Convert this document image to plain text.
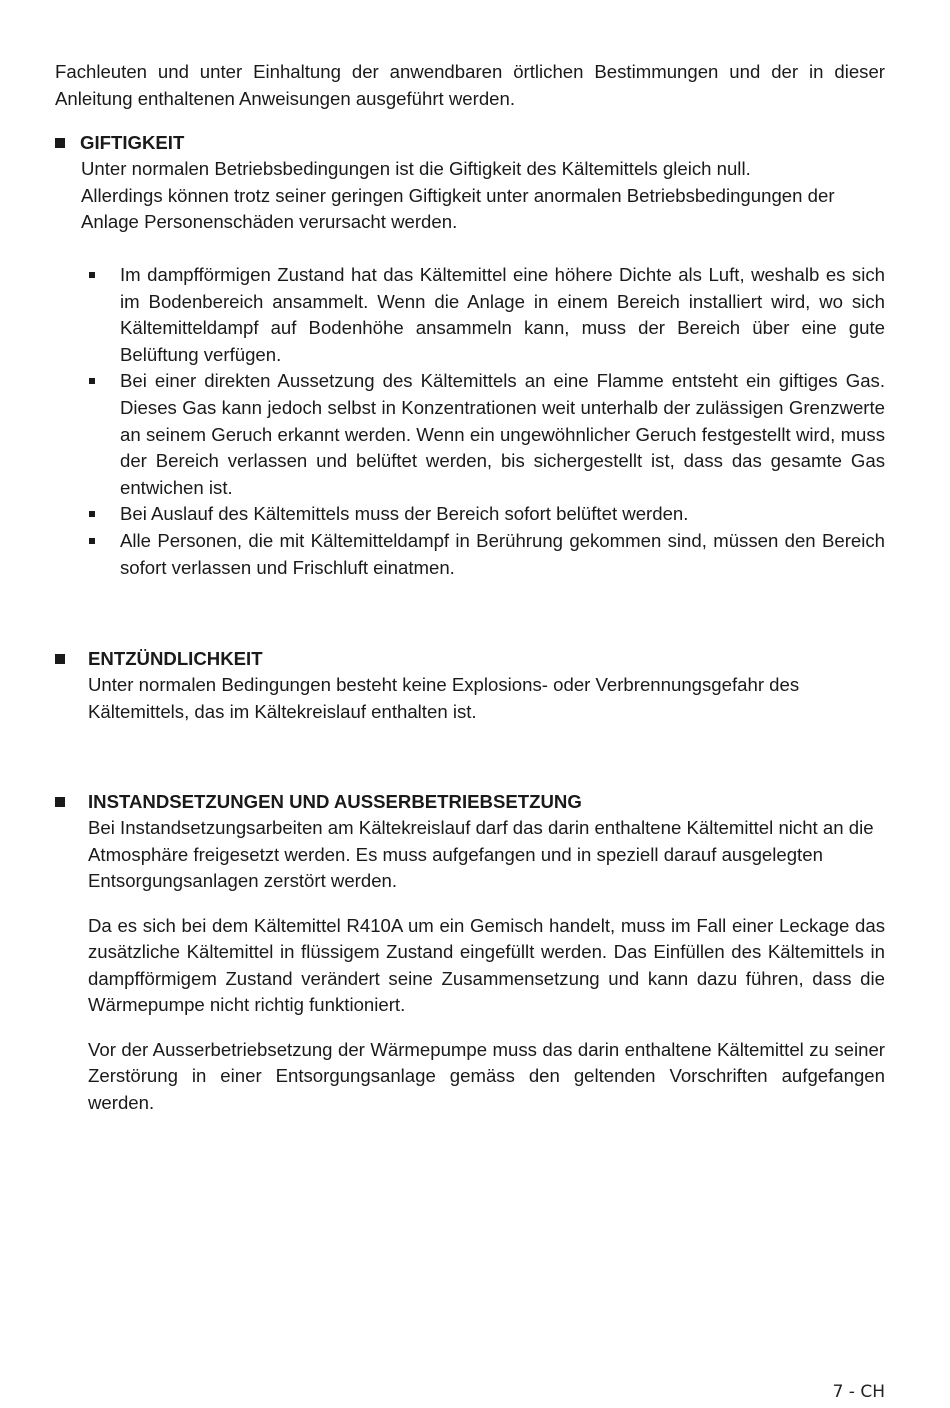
Fachleuten und unter Einhaltung der anwendbaren örtlichen Bestimmungen und der in dieser Anleitung enthaltenen Anweisungen ausgeführt werden.

GIFTIGKEIT

Unter normalen Betriebsbedingungen ist die Giftigkeit des Kältemittels gleich null.

Allerdings können trotz seiner geringen Giftigkeit unter anormalen Betriebsbedingungen der Anlage Personenschäden verursacht werden.

Im dampfförmigen Zustand hat das Kältemittel eine höhere Dichte als Luft, weshalb es sich im Bodenbereich ansammelt. Wenn die Anlage in einem Bereich installiert wird, wo sich Kältemitteldampf auf Bodenhöhe ansammeln kann, muss der Bereich über eine gute Belüftung verfügen.
Bei einer direkten Aussetzung des Kältemittels an eine Flamme entsteht ein giftiges Gas. Dieses Gas kann jedoch selbst in Konzentrationen weit unterhalb der zulässigen Grenzwerte an seinem Geruch erkannt werden. Wenn ein ungewöhnlicher Geruch festgestellt wird, muss der Bereich verlassen und belüftet werden, bis sichergestellt ist, dass das gesamte Gas entwichen ist.
Bei Auslauf des Kältemittels muss der Bereich sofort belüftet werden.
Alle Personen, die mit Kältemitteldampf in Berührung gekommen sind, müssen den Bereich sofort verlassen und Frischluft einatmen.
ENTZÜNDLICHKEIT

Unter normalen Bedingungen besteht keine Explosions- oder Verbrennungsgefahr des Kältemittels, das im Kältekreislauf enthalten ist.

INSTANDSETZUNGEN UND AUSSERBETRIEBSETZUNG

Bei Instandsetzungsarbeiten am Kältekreislauf darf das darin enthaltene Kältemittel nicht an die Atmosphäre freigesetzt werden. Es muss aufgefangen und in speziell darauf ausgelegten Entsorgungsanlagen zerstört werden.

Da es sich bei dem Kältemittel R410A um ein Gemisch handelt, muss im Fall einer Leckage das zusätzliche Kältemittel in flüssigem Zustand eingefüllt werden. Das Einfüllen des Kältemittels in dampfförmigem Zustand verändert seine Zusammensetzung und kann dazu führen, dass die Wärmepumpe nicht richtig funktioniert.

Vor der Ausserbetriebsetzung der Wärmepumpe muss das darin enthaltene Kältemittel zu seiner Zerstörung in einer Entsorgungsanlage gemäss den geltenden Vorschriften aufgefangen werden.

7 - CH
